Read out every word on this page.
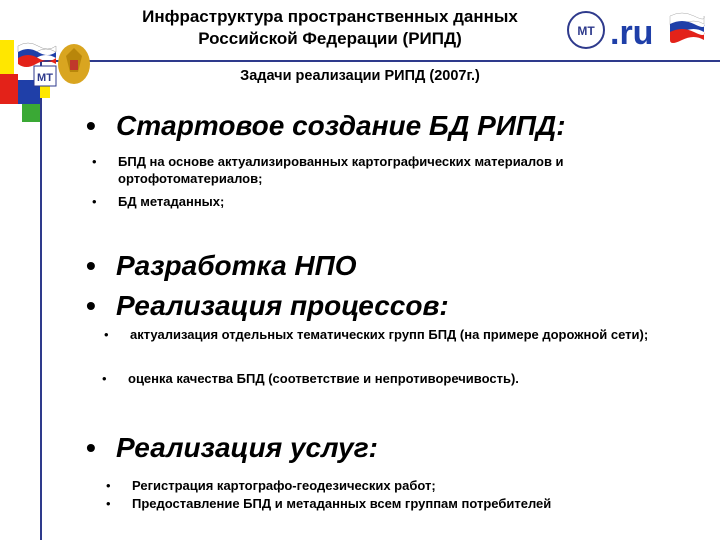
МТ
МТ .ru
Инфраструктура пространственных данных
Российской Федерации (РИПД)
Задачи реализации РИПД (2007г.)
• Стартовое создание БД РИПД:
• БПД на основе актуализированных картографических материалов и ортофотоматериалов;
• БД метаданных;
• Разработка НПО
• Реализация процессов:
• актуализация отдельных тематических групп БПД (на примере дорожной сети);
• оценка качества БПД (соответствие и непротиворечивость).
• Реализация услуг:
• Регистрация картографо-геодезических работ;
• Предоставление БПД и метаданных всем группам потребителей
